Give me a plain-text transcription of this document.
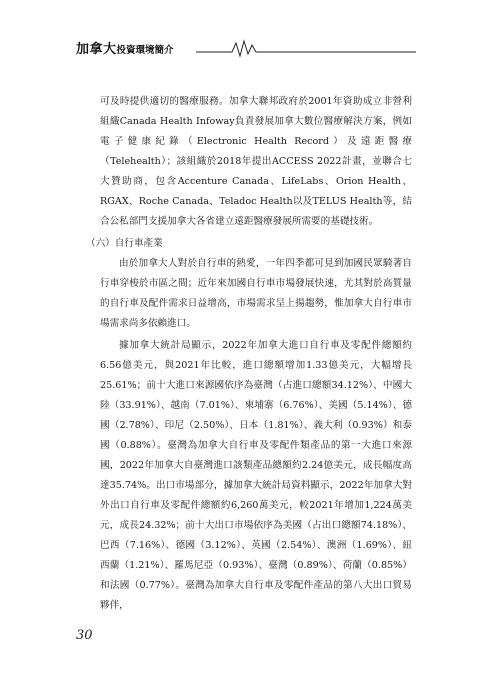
加拿大投資環境簡介

可及時提供適切的醫療服務。加拿大聯邦政府於2001年資助成立非營利組織Canada Health Infoway負責發展加拿大數位醫療解決方案，例如電子健康紀錄（Electronic Health Record）及遠距醫療（Telehealth）；該組織於2018年提出ACCESS 2022計畫，並聯合七大贊助商，包含Accenture Canada、LifeLabs、Orion Health、RGAX、Roche Canada、Teladoc Health以及TELUS Health等，結合公私部門支援加拿大各省建立遠距醫療發展所需要的基礎技術。

（六）自行車產業

由於加拿大人對於自行車的熱愛，一年四季都可見到加國民眾騎著自行車穿梭於市區之間；近年來加國自行車市場發展快速，尤其對於高質量的自行車及配件需求日益增高，市場需求呈上揚趨勢，惟加拿大自行車市場需求尚多依賴進口。

據加拿大統計局顯示，2022年加拿大進口自行車及零配件總額約6.56億美元，與2021年比較，進口總額增加1.33億美元，大幅增長25.61%；前十大進口來源國依序為臺灣（占進口總額34.12%）、中國大陸（33.91%）、越南（7.01%）、柬埔寨（6.76%）、美國（5.14%）、德國（2.78%）、印尼（2.50%）、日本（1.81%）、義大利（0.93%）和泰國（0.88%）。臺灣為加拿大自行車及零配件類產品的第一大進口來源國，2022年加拿大自臺灣進口該類產品總額約2.24億美元，成長幅度高達35.74%。出口市場部分，據加拿大統計局資料顯示，2022年加拿大對外出口自行車及零配件總額約6,260萬美元，較2021年增加1,224萬美元，成長24.32%；前十大出口市場依序為美國（占出口總額74.18%）、巴西（7.16%）、德國（3.12%）、英國（2.54%）、澳洲（1.69%）、紐西蘭（1.21%）、羅馬尼亞（0.93%）、臺灣（0.89%）、荷蘭（0.85%）和法國（0.77%）。臺灣為加拿大自行車及零配件產品的第八大出口貿易夥伴，

30
